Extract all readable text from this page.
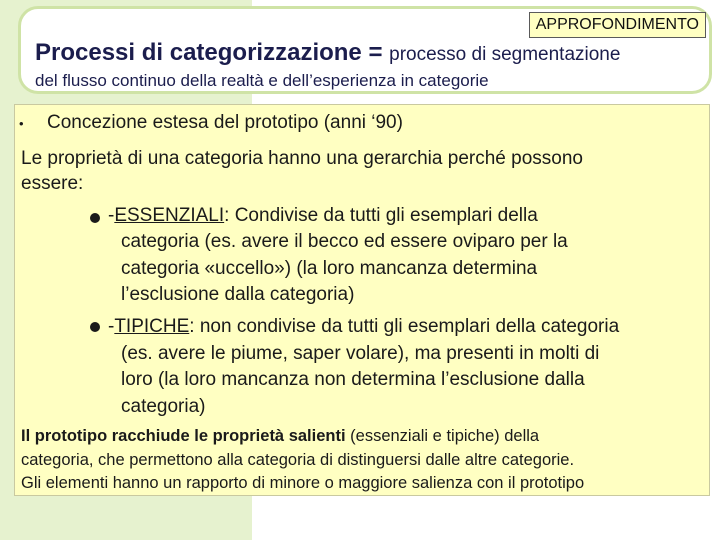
APPROFONDIMENTO
Processi di categorizzazione = processo di segmentazione
del flusso continuo della realtà e dell’esperienza in categorie
• Concezione estesa del prototipo (anni ‘90)
Le proprietà di una categoria hanno una gerarchia perché possono
essere:
-ESSENZIALI: Condivise da tutti gli esemplari della
categoria (es. avere il becco ed essere oviparo per la
categoria «uccello») (la loro mancanza determina
l’esclusione dalla categoria)
-TIPICHE: non condivise da tutti gli esemplari della categoria
(es. avere le piume, saper volare), ma presenti in molti di
loro (la loro mancanza non determina l’esclusione dalla
categoria)
Il prototipo racchiude le proprietà salienti (essenziali e tipiche) della
categoria, che permettono alla categoria di distinguersi dalle altre categorie.
Gli elementi hanno un rapporto di minore o maggiore salienza con il prototipo
